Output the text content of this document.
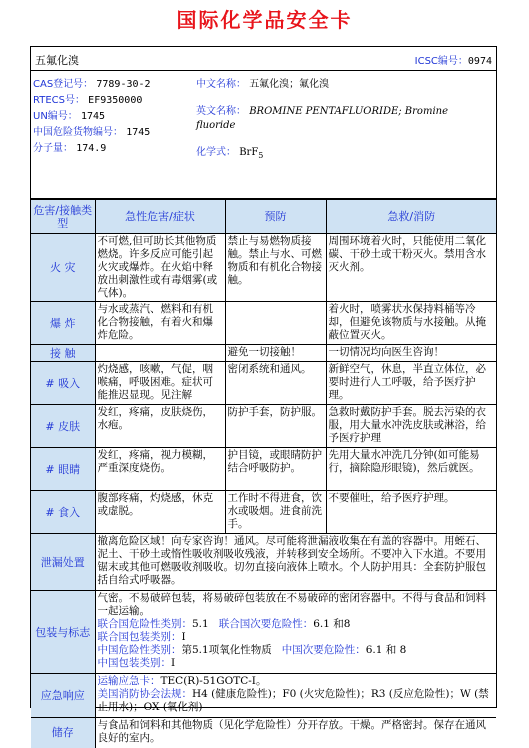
国际化学品安全卡
五氟化溴	ICSC编号：0974
CAS登记号： 7789-30-2
RTECS号： EF9350000
UN编号： 1745
中国危险货物编号： 1745
分子量： 174.9
中文名称： 五氟化溴；氟化溴
英文名称： BROMINE PENTAFLUORIDE; Bromine fluoride
化学式： BrF$_5$
危害/接触类型	急性危害/症状	预防	急救/消防
火 灾	不可燃,但可助长其他物质燃烧。许多反应可能引起火灾或爆炸。在火焰中释放出刺激性或有毒烟雾(或气体)。	禁止与易燃物质接触。禁止与水、可燃物质和有机化合物接触。	周围环境着火时，只能使用二氧化碳、干砂土或干粉灭火。禁用含水灭火剂。
爆 炸	与水或蒸汽、燃料和有机化合物接触，有着火和爆炸危险。		着火时，喷雾状水保持料桶等冷却，但避免该物质与水接触。从掩蔽位置灭火。
接 触		避免一切接触！	一切情况均向医生咨询！
# 吸入	灼烧感，咳嗽，气促，咽喉痛，呼吸困难。症状可能推迟显现。见注解	密闭系统和通风。	新鲜空气，休息，半直立体位，必要时进行人工呼吸，给予医疗护理。
# 皮肤	发红，疼痛，皮肤烧伤，水疱。	防护手套，防护服。	急救时戴防护手套。脱去污染的衣服，用大量水冲洗皮肤或淋浴，给予医疗护理
# 眼睛	发红，疼痛，视力模糊，严重深度烧伤。	护目镜，或眼睛防护结合呼吸防护。	先用大量水冲洗几分钟(如可能易行，摘除隐形眼镜)，然后就医。
# 食入	腹部疼痛，灼烧感，休克或虚脱。	工作时不得进食，饮水或吸烟。进食前洗手。	不要催吐，给予医疗护理。
泄漏处置	撤离危险区域！向专家咨询！通风。尽可能将泄漏液收集在有盖的容器中。用蛭石、泥土、干砂土或惰性吸收剂吸收残液，并转移到安全场所。不要冲入下水道。不要用锯末或其他可燃吸收剂吸收。切勿直接向液体上喷水。个人防护用具：全套防护服包括自给式呼吸器。		
包装与标志	气密。不易破碎包装，将易破碎包装放在不易破碎的密闭容器中。不得与食品和饲料一起运输。
联合国危险性类别：5.1 联合国次要危险性：6.1 和8
联合国包装类别：I
中国危险性类别：第5.1项氧化性物质 中国次要危险性：6.1 和 8
中国包装类别：I		

应急响应	运输应急卡：TEC(R)-51GOTC-I。
美国消防协会法规：H4 (健康危险性)；F0 (火灾危险性)；R3 (反应危险性)；W (禁止用水)；OX (氧化剂)		

储存	与食品和饲料和其他物质（见化学危险性）分开存放。干燥。严格密封。保存在通风良好的室内。		
